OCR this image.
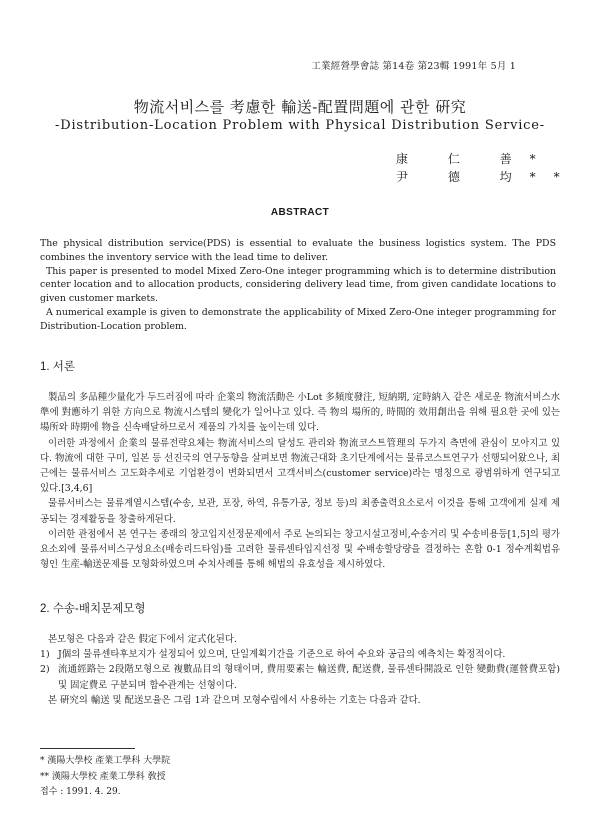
工業經營學會誌 第14卷 第23輯 1991年 5月 1
物流서비스를 考慮한 輸送-配置問題에 관한 硏究
-Distribution-Location Problem with Physical Distribution Service-
康 仁 善*
尹 德 均**
ABSTRACT

The physical distribution service(PDS) is essential to evaluate the business logistics system. The PDS combines the inventory service with the lead time to deliver.

This paper is presented to model Mixed Zero-One integer programming which is to determine distribution center location and to allocation products, considering delivery lead time, from given candidate locations to given customer markets.

A numerical example is given to demonstrate the applicability of Mixed Zero-One integer programming for Distribution-Location problem.

1. 서론

製品의 多品種少量化가 두드러짐에 따라 企業의 物流活動은 小Lot 多頻度發注, 短納期, 定時納入 같은 새로운 物流서비스水準에 對應하기 위한 方向으로 物流시스템의 變化가 일어나고 있다. 즉 物의 場所的, 時間的 效用創出을 위해 필요한 곳에 있는 場所와 時期에 物을 신속배달하므로서 제품의 가치를 높이는데 있다.

이러한 과정에서 企業의 물류전략요체는 物流서비스의 달성도 관리와 物流코스트管理의 두가지 측면에 관심이 모아지고 있다. 物流에 대한 구미, 일본 등 선진국의 연구동향을 살펴보면 物流근대화 초기단계에서는 물류코스트연구가 선행되어왔으나, 최근에는 물류서비스 고도화추세로 기업환경이 변화되면서 고객서비스(customer service)라는 명칭으로 광범위하게 연구되고 있다.[3,4,6]

물류서비스는 물류계열시스템(수송, 보관, 포장, 하역, 유통가공, 정보 등)의 최종출력요소로서 이것을 통해 고객에게 실제 제공되는 경제활동을 창출하게된다.

이러한 관점에서 본 연구는 종래의 창고입지선정문제에서 주로 논의되는 창고시설고정비,수송거리 및 수송비용등[1,5]의 평가요소외에 물류서비스구성요소(배송리드타임)를 고려한 물류센타입지선정 및 수배송할당량을 결정하는 혼합 0-1 정수계획법유형인 生産-輸送문제를 모형화하였으며 수치사례를 통해 해법의 유효성을 제시하였다.

2. 수송-배치문제모형

본모형은 다음과 같은 假定下에서 定式化된다.

1) J個의 물류센타후보지가 설정되어 있으며, 단일계획기간을 기준으로 하여 수요와 공급의 예측치는 확정적이다.

2) 流通經路는 2段階모형으로 複數品目의 형태이며, 費用要素는 輸送費, 配送費, 물류센타開設로 인한 變動費(運營費포함) 및 固定費로 구분되며 합수관계는 선형이다.

본 硏究의 輸送 및 配送모율은 그림 1과 같으며 모형수립에서 사용하는 기호는 다음과 같다.

* 漢陽大學校 產業工學科 大學院
** 漢陽大學校 產業工學科 敎授
접수 : 1991. 4. 29.
